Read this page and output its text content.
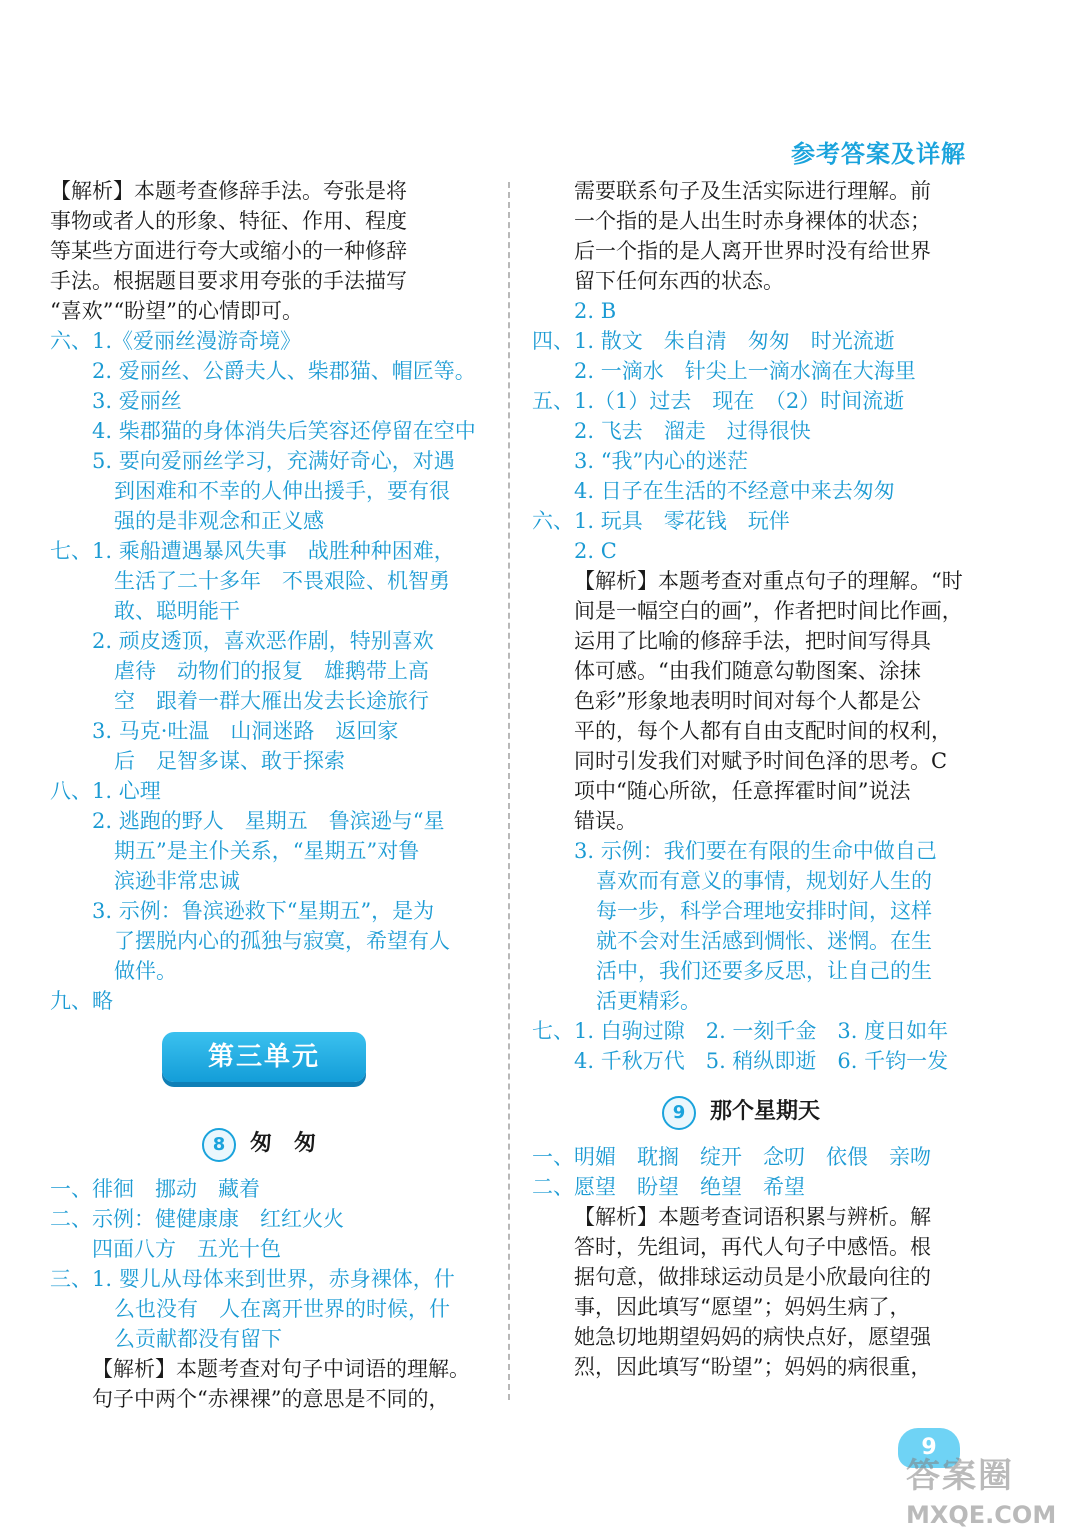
参考答案及详解
【解析】本题考查修辞手法。夸张是将
事物或者人的形象、特征、作用、程度
等某些方面进行夸大或缩小的一种修辞
手法。根据题目要求用夸张的手法描写
“喜欢”“盼望”的心情即可。
六、1.《爱丽丝漫游奇境》
2. 爱丽丝、公爵夫人、柴郡猫、帽匠等。
3. 爱丽丝
4. 柴郡猫的身体消失后笑容还停留在空中
5. 要向爱丽丝学习，充满好奇心，对遇
到困难和不幸的人伸出援手，要有很
强的是非观念和正义感
七、1. 乘船遭遇暴风失事　战胜种种困难，
生活了二十多年　不畏艰险、机智勇
敢、聪明能干
2. 顽皮透顶，喜欢恶作剧，特别喜欢
虐待　动物们的报复　雄鹅带上高
空　跟着一群大雁出发去长途旅行
3. 马克·吐温　山洞迷路　返回家
后　足智多谋、敢于探索
八、1. 心理
2. 逃跑的野人　星期五　鲁滨逊与“星
期五”是主仆关系，“星期五”对鲁
滨逊非常忠诚
3. 示例：鲁滨逊救下“星期五”，是为
了摆脱内心的孤独与寂寞，希望有人
做伴。
九、略
第三单元
8	匆　匆
一、徘徊　挪动　藏着
二、示例：健健康康　红红火火
四面八方　五光十色
三、1. 婴儿从母体来到世界，赤身裸体，什
么也没有　人在离开世界的时候，什
么贡献都没有留下
【解析】本题考查对句子中词语的理解。
句子中两个“赤裸裸”的意思是不同的，
需要联系句子及生活实际进行理解。前
一个指的是人出生时赤身裸体的状态；
后一个指的是人离开世界时没有给世界
留下任何东西的状态。
2. B
四、1. 散文　朱自清　匆匆　时光流逝
2. 一滴水　针尖上一滴水滴在大海里
五、1.（1）过去　现在　（2）时间流逝
2. 飞去　溜走　过得很快
3. “我”内心的迷茫
4. 日子在生活的不经意中来去匆匆
六、1. 玩具　零花钱　玩伴
2. C
【解析】本题考查对重点句子的理解。“时
间是一幅空白的画”，作者把时间比作画，
运用了比喻的修辞手法，把时间写得具
体可感。“由我们随意勾勒图案、涂抹
色彩”形象地表明时间对每个人都是公
平的，每个人都有自由支配时间的权利，
同时引发我们对赋予时间色泽的思考。C
项中“随心所欲，任意挥霍时间”说法
错误。
3. 示例：我们要在有限的生命中做自己
喜欢而有意义的事情，规划好人生的
每一步，科学合理地安排时间，这样
就不会对生活感到惆怅、迷惘。在生
活中，我们还要多反思，让自己的生
活更精彩。
七、1. 白驹过隙　2. 一刻千金　3. 度日如年
4. 千秋万代　5. 稍纵即逝　6. 千钧一发
9	那个星期天
一、明媚　耽搁　绽开　念叨　依偎　亲吻
二、愿望　盼望　绝望　希望
【解析】本题考查词语积累与辨析。解
答时，先组词，再代人句子中感悟。根
据句意，做排球运动员是小欣最向往的
事，因此填写“愿望”；妈妈生病了，
她急切地期望妈妈的病快点好，愿望强
烈，因此填写“盼望”；妈妈的病很重，
9
答案圈
MXQE.COM
